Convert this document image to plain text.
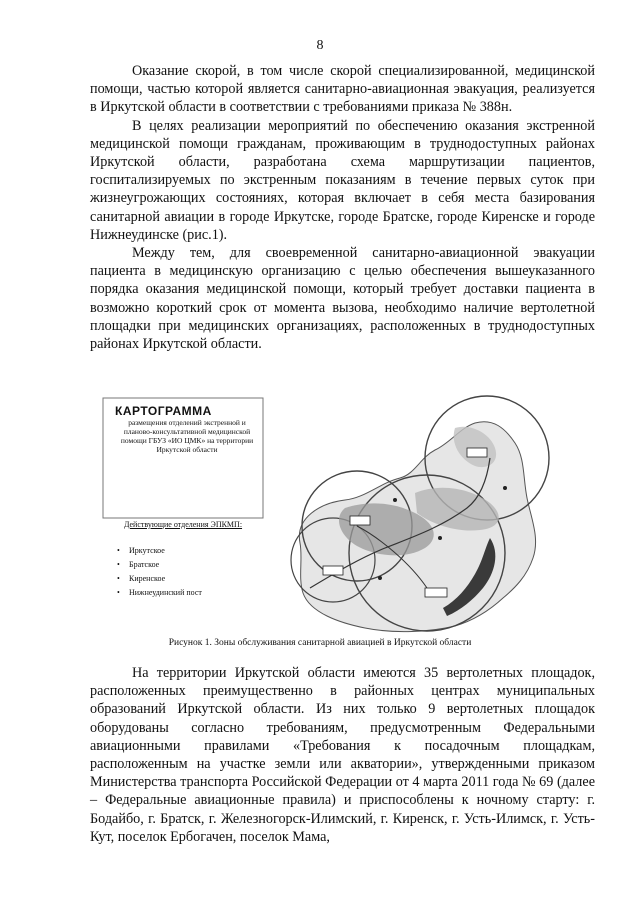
8

Оказание скорой, в том числе скорой специализированной, медицинской помощи, частью которой является санитарно-авиационная эвакуация, реализуется в Иркутской области в соответствии с требованиями приказа № 388н.

В целях реализации мероприятий по обеспечению оказания экстренной медицинской помощи гражданам, проживающим в труднодоступных районах Иркутской области, разработана схема маршрутизации пациентов, госпитализируемых по экстренным показаниям в течение первых суток при жизнеугрожающих состояниях, которая включает в себя места базирования санитарной авиации в городе Иркутске, городе Братске, городе Киренске и городе Нижнеудинске (рис.1).

Между тем, для своевременной санитарно-авиационной эвакуации пациента в медицинскую организацию с целью обеспечения вышеуказанного порядка оказания медицинской помощи, который требует доставки пациента в возможно короткий срок от момента вызова, необходимо наличие вертолетной площадки при медицинских организациях, расположенных в труднодоступных районах Иркутской области.

КАРТОГРАММА
размещения отделений экстренной и планово-консультативной медицинской помощи ГБУЗ «ИО ЦМК» на территории Иркутской области
Действующие отделения ЭПКМП:
• Иркутское
• Братское
• Киренское
• Нижнеудинский пост
Рисунок 1. Зоны обслуживания санитарной авиацией в Иркутской области

На территории Иркутской области имеются 35 вертолетных площадок, расположенных преимущественно в районных центрах муниципальных образований Иркутской области. Из них только 9 вертолетных площадок оборудованы согласно требованиям, предусмотренным Федеральными авиационными правилами «Требования к посадочным площадкам, расположенным на участке земли или акватории», утвержденными приказом Министерства транспорта Российской Федерации от 4 марта 2011 года № 69 (далее – Федеральные авиационные правила) и приспособлены к ночному старту: г. Бодайбо, г. Братск, г. Железногорск-Илимский, г. Киренск, г. Усть-Илимск, г. Усть-Кут, поселок Ербогачен, поселок Мама,
